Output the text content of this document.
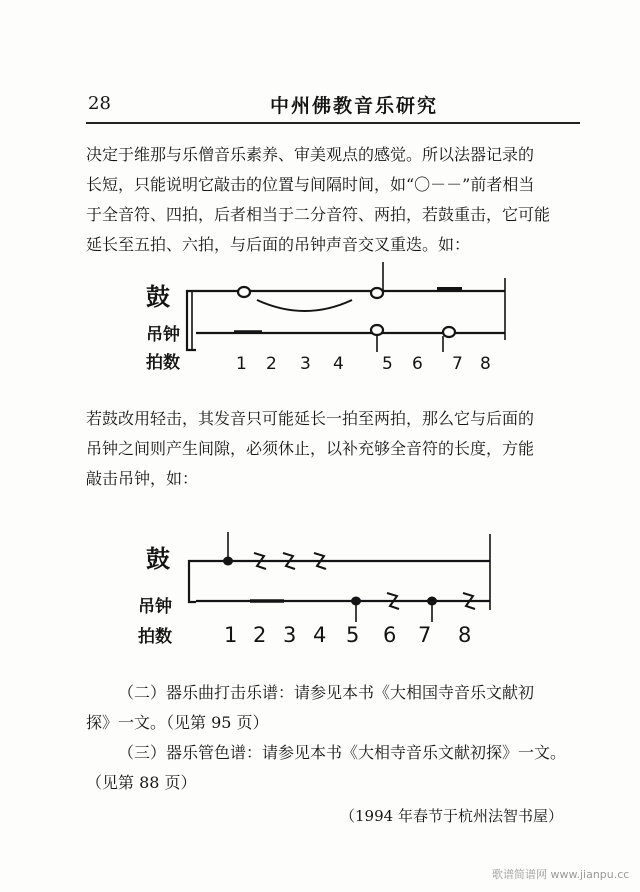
28	中州佛教音乐研究
决定于维那与乐僧音乐素养、审美观点的感觉。所以法器记录的
长短，只能说明它敲击的位置与间隔时间，如“〇－－”前者相当
于全音符、四拍，后者相当于二分音符、两拍，若鼓重击，它可能
延长至五拍、六拍，与后面的吊钟声音交叉重迭。如：
鼓
吊钟
拍数	1 2 3 4 5 6 7 8
鼓
吊钟
拍数 1 2 3 4 5 6 7 8
若鼓改用轻击，其发音只可能延长一拍至两拍，那么它与后面的
吊钟之间则产生间隙，必须休止，以补充够全音符的长度，方能
敲击吊钟，如：
（二）器乐曲打击乐谱：请参见本书《大相国寺音乐文献初
探》一文。（见第 95 页）
（三）器乐管色谱：请参见本书《大相寺音乐文献初探》一文。
（见第 88 页）
（1994 年春节于杭州法智书屋）
歌谱简谱网 www.jianpu.cc
